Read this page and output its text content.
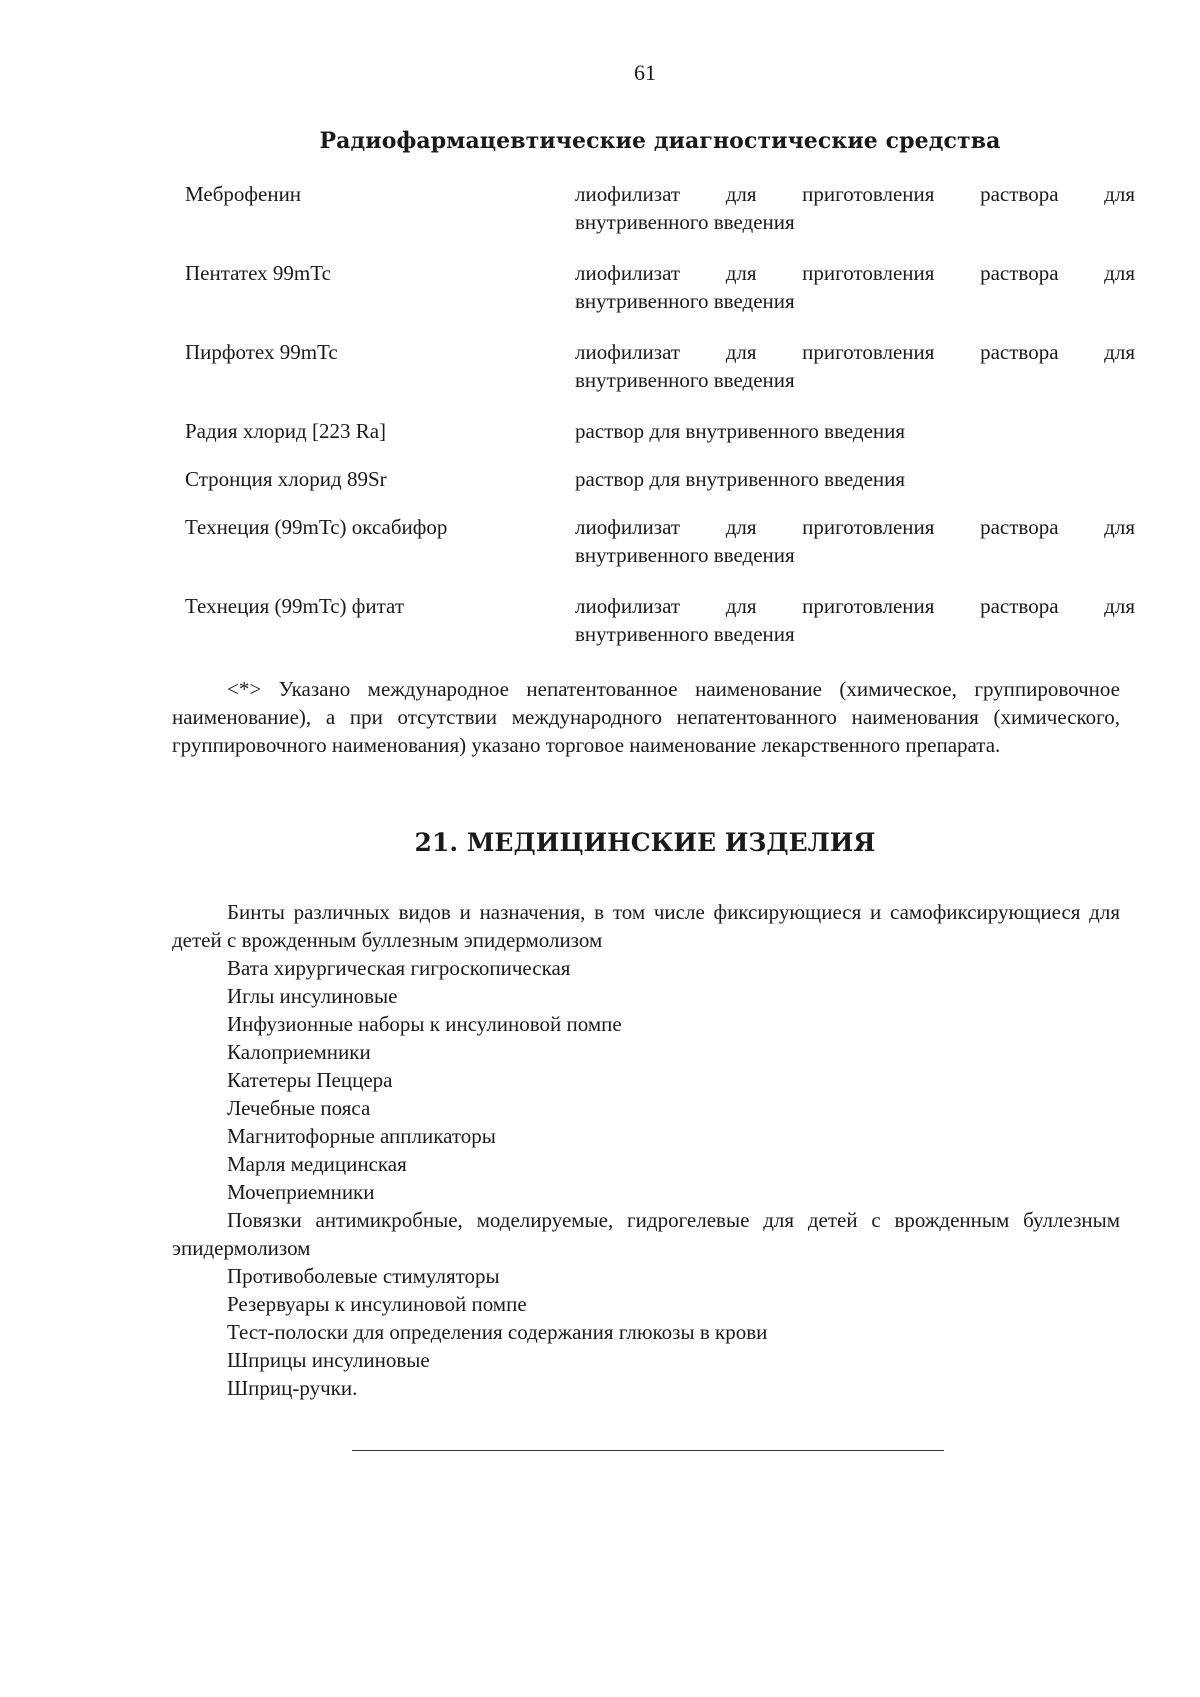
61
Радиофармацевтические диагностические средства
Меброфенин	лиофилизат для приготовления раствора для
внутривенного введения
Пентатех 99mTc	лиофилизат для приготовления раствора для
внутривенного введения
Пирфотех 99mTc	лиофилизат для приготовления раствора для
внутривенного введения
Радия хлорид [223 Ra]	раствор для внутривенного введения
Стронция хлорид 89Sr	раствор для внутривенного введения
Технеция (99mTc) оксабифор	лиофилизат для приготовления раствора для
внутривенного введения
Технеция (99mTc) фитат	лиофилизат для приготовления раствора для
внутривенного введения
<*> Указано международное непатентованное наименование (химическое, группировочное наименование), а при отсутствии международного непатентованного наименования (химического, группировочного наименования) указано торговое наименование лекарственного препарата.
21. МЕДИЦИНСКИЕ ИЗДЕЛИЯ
Бинты различных видов и назначения, в том числе фиксирующиеся и самофиксирующиеся для детей с врожденным буллезным эпидермолизом
Вата хирургическая гигроскопическая
Иглы инсулиновые
Инфузионные наборы к инсулиновой помпе
Калоприемники
Катетеры Пеццера
Лечебные пояса
Магнитофорные аппликаторы
Марля медицинская
Мочеприемники
Повязки антимикробные, моделируемые, гидрогелевые для детей с врожденным буллезным эпидермолизом
Противоболевые стимуляторы
Резервуары к инсулиновой помпе
Тест-полоски для определения содержания глюкозы в крови
Шприцы инсулиновые
Шприц-ручки.
